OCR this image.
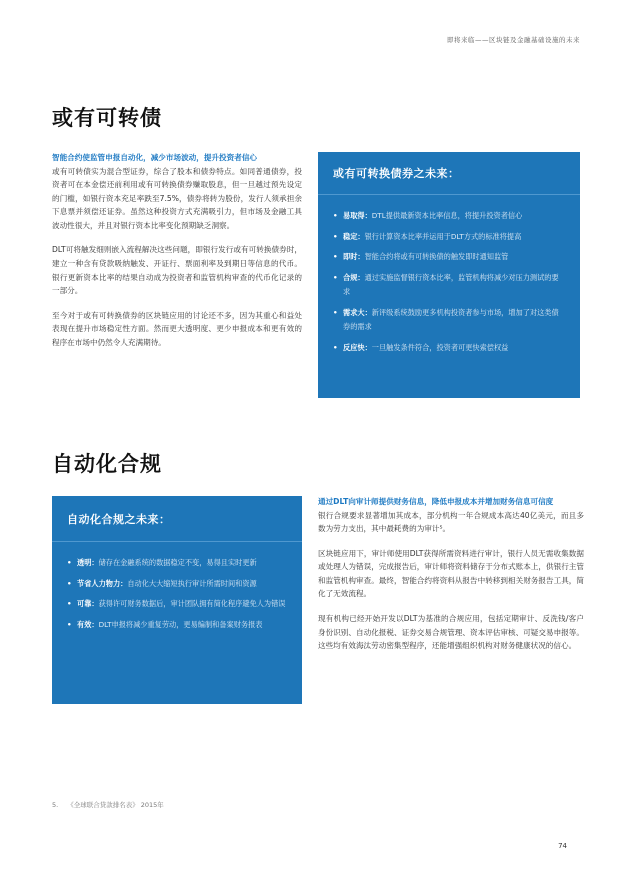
即将来临——区块链及金融基础设施的未来
或有可转债
智能合约使监管申报自动化，减少市场波动，提升投资者信心

或有可转债实为混合型证券，综合了股本和债券特点。如同普通债券，投资者可在本金偿还前利用或有可转换债券赚取股息，但一旦越过预先设定的门槛，如银行资本充足率跌至7.5%，债券将转为股份，发行人须承担余下息票并须偿还证券。虽然这种投资方式充满吸引力，但市场及金融工具波动性很大，并且对银行资本比率变化预期缺乏洞察。

DLT可将触发细则嵌入流程解决这些问题，即银行发行或有可转换债券时，建立一种含有贷款吸纳触发、开证行、票面利率及到期日等信息的代币。银行更新资本比率的结果自动成为投资者和监管机构审查的代币化记录的一部分。

至今对于或有可转换债券的区块链应用的讨论还不多，因为其重心和益处表现在提升市场稳定性方面。然而更大透明度、更少申报成本和更有效的程序在市场中仍然令人充满期待。

或有可转换债券之未来：
• 易取得：DTL提供最新资本比率信息，将提升投资者信心
• 稳定：银行计算资本比率并运用于DLT方式的标准将提高
• 即时：智能合约将或有可转换债的触发即时通知监管
• 合规：通过实施监督银行资本比率，监管机构将减少对压力测试的要求
• 需求大：新评级系统鼓励更多机构投资者参与市场，增加了对这类债券的需求
• 反应快：一旦触发条件符合，投资者可更快索偿权益
自动化合规
自动化合规之未来：
• 透明：储存在金融系统的数据稳定不变，易得且实时更新
• 节省人力物力：自动化大大缩短执行审计所需时间和资源
• 可靠：获得许可财务数据后，审计团队拥有简化程序避免人为错误
• 有效：DLT申报将减少重复劳动，更易编制和备案财务报表
通过DLT向审计师提供财务信息，降低申报成本并增加财务信息可信度

银行合规要求显著增加其成本，部分机构一年合规成本高达40亿美元，而且多数为劳力支出，其中最耗费的为审计⁵。

区块链应用下，审计师使用DLT获得所需资料进行审计，银行人员无需收集数据或处理人为错误，完成报告后，审计师将资料储存于分布式账本上，供银行主管和监管机构审查。最终，智能合约将资料从报告中转移到相关财务报告工具，简化了无效流程。

现有机构已经开始开发以DLT为基准的合规应用，包括定期审计、反洗钱/客户身份识别、自动化报税、证券交易合规管理、资本评估审核、可疑交易申报等。这些均有效海汰劳动密集型程序，还能增强组织机构对财务健康状况的信心。

5. 《全球联合贷款排名表》 2015年
74
